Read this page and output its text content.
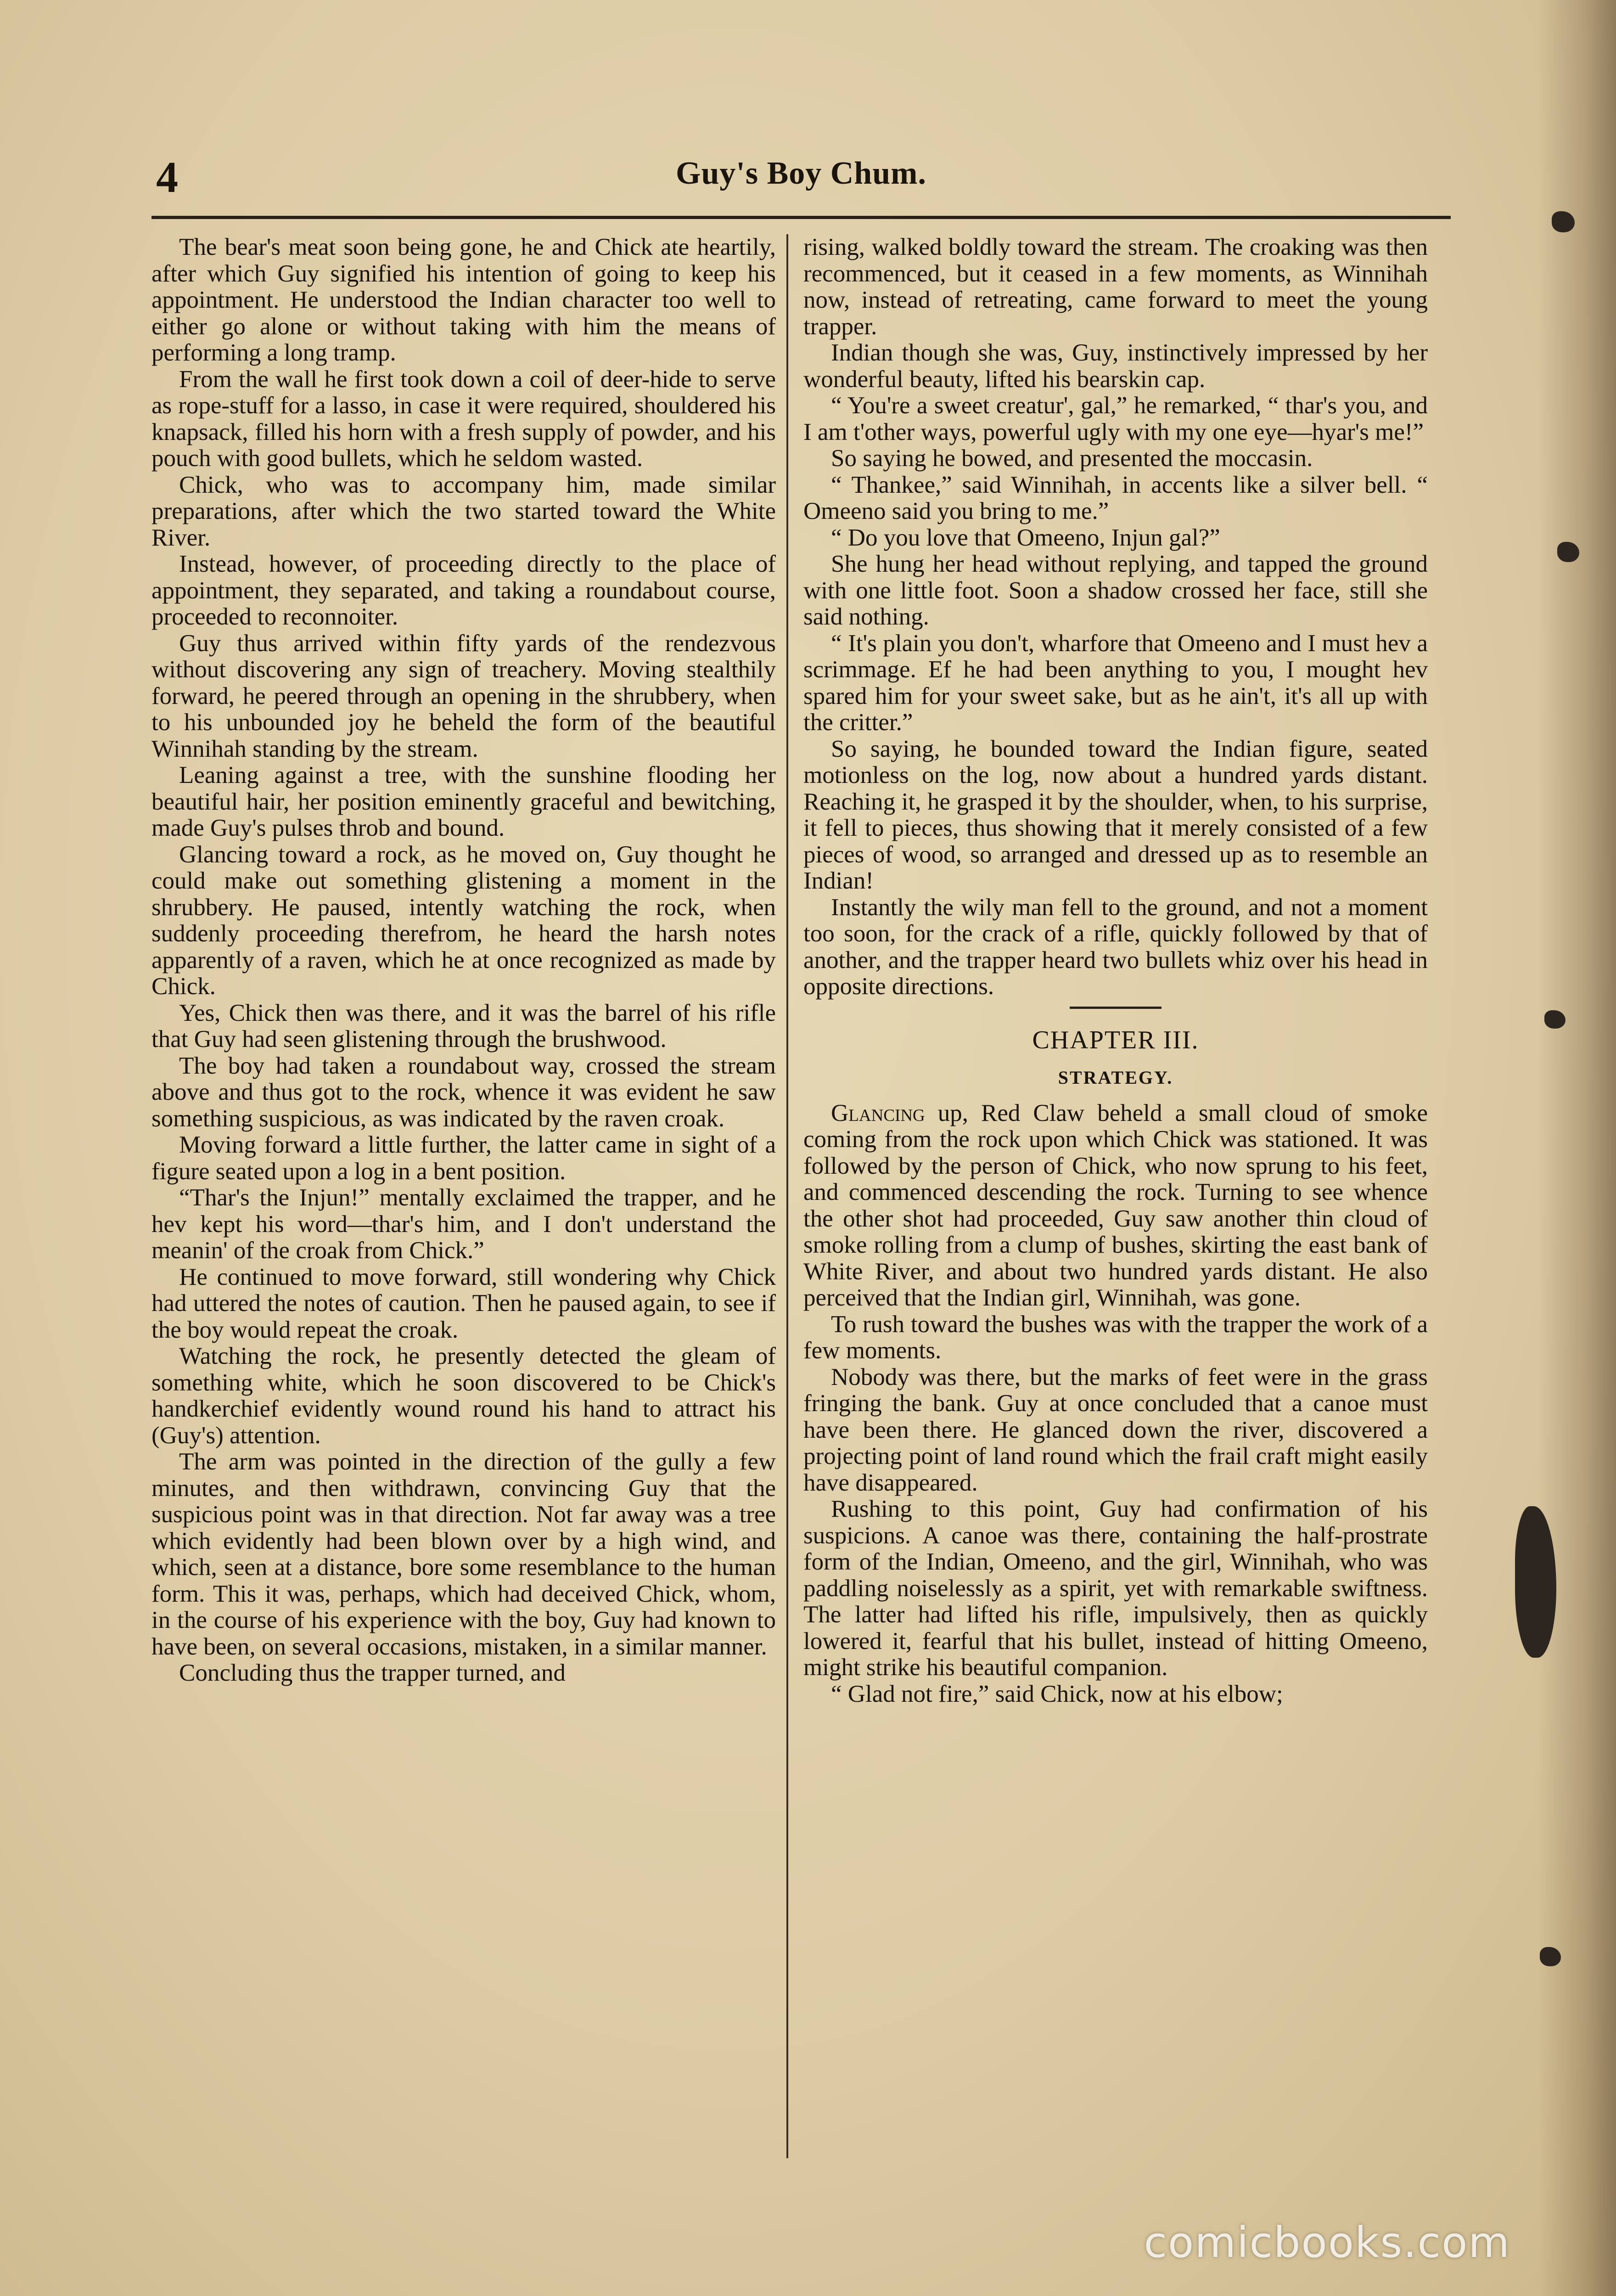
4	Guy's Boy Chum.

The bear's meat soon being gone, he and Chick ate heartily, after which Guy signified his intention of going to keep his appointment. He understood the Indian character too well to either go alone or without taking with him the means of performing a long tramp.

From the wall he first took down a coil of deer-hide to serve as rope-stuff for a lasso, in case it were required, shouldered his knapsack, filled his horn with a fresh supply of powder, and his pouch with good bullets, which he seldom wasted.

Chick, who was to accompany him, made similar preparations, after which the two started toward the White River.

Instead, however, of proceeding directly to the place of appointment, they separated, and taking a roundabout course, proceeded to reconnoiter.

Guy thus arrived within fifty yards of the rendezvous without discovering any sign of treachery. Moving stealthily forward, he peered through an opening in the shrubbery, when to his unbounded joy he beheld the form of the beautiful Winnihah standing by the stream.

Leaning against a tree, with the sunshine flooding her beautiful hair, her position eminently graceful and bewitching, made Guy's pulses throb and bound.

Glancing toward a rock, as he moved on, Guy thought he could make out something glistening a moment in the shrubbery. He paused, intently watching the rock, when suddenly proceeding therefrom, he heard the harsh notes apparently of a raven, which he at once recognized as made by Chick.

Yes, Chick then was there, and it was the barrel of his rifle that Guy had seen glistening through the brushwood.

The boy had taken a roundabout way, crossed the stream above and thus got to the rock, whence it was evident he saw something suspicious, as was indicated by the raven croak.

Moving forward a little further, the latter came in sight of a figure seated upon a log in a bent position.

“Thar's the Injun!” mentally exclaimed the trapper, and he hev kept his word—thar's him, and I don't understand the meanin' of the croak from Chick.”

He continued to move forward, still wondering why Chick had uttered the notes of caution. Then he paused again, to see if the boy would repeat the croak.

Watching the rock, he presently detected the gleam of something white, which he soon discovered to be Chick's handkerchief evidently wound round his hand to attract his (Guy's) attention.

The arm was pointed in the direction of the gully a few minutes, and then withdrawn, convincing Guy that the suspicious point was in that direction. Not far away was a tree which evidently had been blown over by a high wind, and which, seen at a distance, bore some resemblance to the human form. This it was, perhaps, which had deceived Chick, whom, in the course of his experience with the boy, Guy had known to have been, on several occasions, mistaken, in a similar manner.

Concluding thus the trapper turned, and

rising, walked boldly toward the stream. The croaking was then recommenced, but it ceased in a few moments, as Winnihah now, instead of retreating, came forward to meet the young trapper.

Indian though she was, Guy, instinctively impressed by her wonderful beauty, lifted his bearskin cap.

“ You're a sweet creatur', gal,” he remarked, “ thar's you, and I am t'other ways, powerful ugly with my one eye—hyar's me!”

So saying he bowed, and presented the moccasin.

“ Thankee,” said Winnihah, in accents like a silver bell. “ Omeeno said you bring to me.”

“ Do you love that Omeeno, Injun gal?”

She hung her head without replying, and tapped the ground with one little foot. Soon a shadow crossed her face, still she said nothing.

“ It's plain you don't, wharfore that Omeeno and I must hev a scrimmage. Ef he had been anything to you, I mought hev spared him for your sweet sake, but as he ain't, it's all up with the critter.”

So saying, he bounded toward the Indian figure, seated motionless on the log, now about a hundred yards distant. Reaching it, he grasped it by the shoulder, when, to his surprise, it fell to pieces, thus showing that it merely consisted of a few pieces of wood, so arranged and dressed up as to resemble an Indian!

Instantly the wily man fell to the ground, and not a moment too soon, for the crack of a rifle, quickly followed by that of another, and the trapper heard two bullets whiz over his head in opposite directions.

CHAPTER III.
STRATEGY.

Glancing up, Red Claw beheld a small cloud of smoke coming from the rock upon which Chick was stationed. It was followed by the person of Chick, who now sprung to his feet, and commenced descending the rock. Turning to see whence the other shot had proceeded, Guy saw another thin cloud of smoke rolling from a clump of bushes, skirting the east bank of White River, and about two hundred yards distant. He also perceived that the Indian girl, Winnihah, was gone.

To rush toward the bushes was with the trapper the work of a few moments.

Nobody was there, but the marks of feet were in the grass fringing the bank. Guy at once concluded that a canoe must have been there. He glanced down the river, discovered a projecting point of land round which the frail craft might easily have disappeared.

Rushing to this point, Guy had confirmation of his suspicions. A canoe was there, containing the half-prostrate form of the Indian, Omeeno, and the girl, Winnihah, who was paddling noiselessly as a spirit, yet with remarkable swiftness. The latter had lifted his rifle, impulsively, then as quickly lowered it, fearful that his bullet, instead of hitting Omeeno, might strike his beautiful companion.

“ Glad not fire,” said Chick, now at his elbow;

comicbooks.com
